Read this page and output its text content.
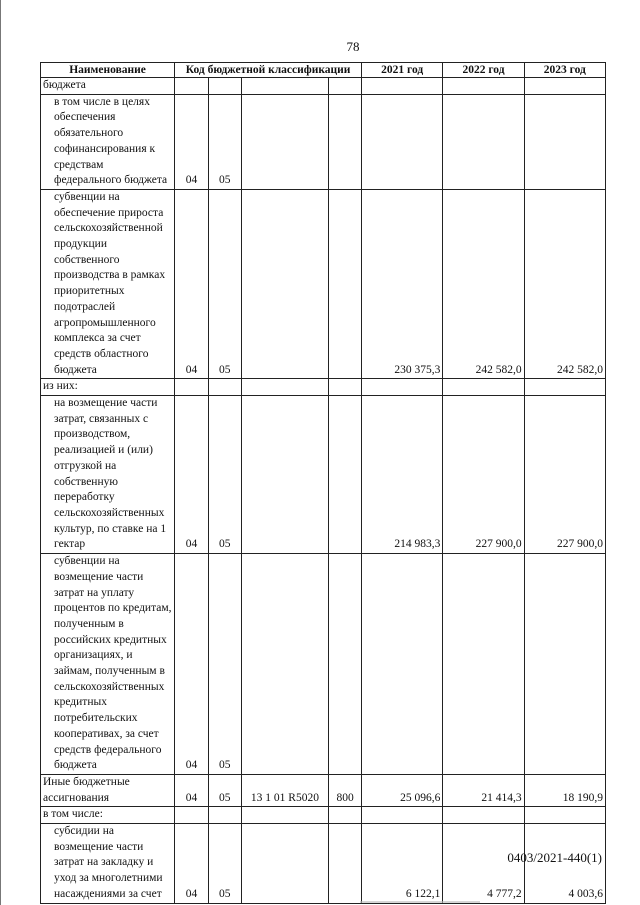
78
Наименование	Код бюджетной классификации				2021 год	2022 год	2023 год

бюджета							

в том числе в целях обеспечения обязательного софинансирования к средствам федерального бюджета	04	05					

субвенции на обеспечение прироста сельскохозяйственной продукции собственного производства в рамках приоритетных подотраслей агропромышленного комплекса за счет средств областного бюджета	04	05			230 375,3	242 582,0	242 582,0

из них:							

на возмещение части затрат, связанных с производством, реализацией и (или) отгрузкой на собственную переработку сельскохозяйственных культур, по ставке на 1 гектар	04	05			214 983,3	227 900,0	227 900,0

субвенции на возмещение части затрат на уплату процентов по кредитам, полученным в российских кредитных организациях, и займам, полученным в сельскохозяйственных кредитных потребительских кооперативах, за счет средств федерального бюджета	04	05					

Иные бюджетные ассигнования	04	05	13 1 01 R5020	800	25 096,6	21 414,3	18 190,9

в том числе:							

субсидии на возмещение части затрат на закладку и уход за многолетними насаждениями за счет	04	05			6 122,1	4 777,2	4 003,6
0403/2021-440(1)
